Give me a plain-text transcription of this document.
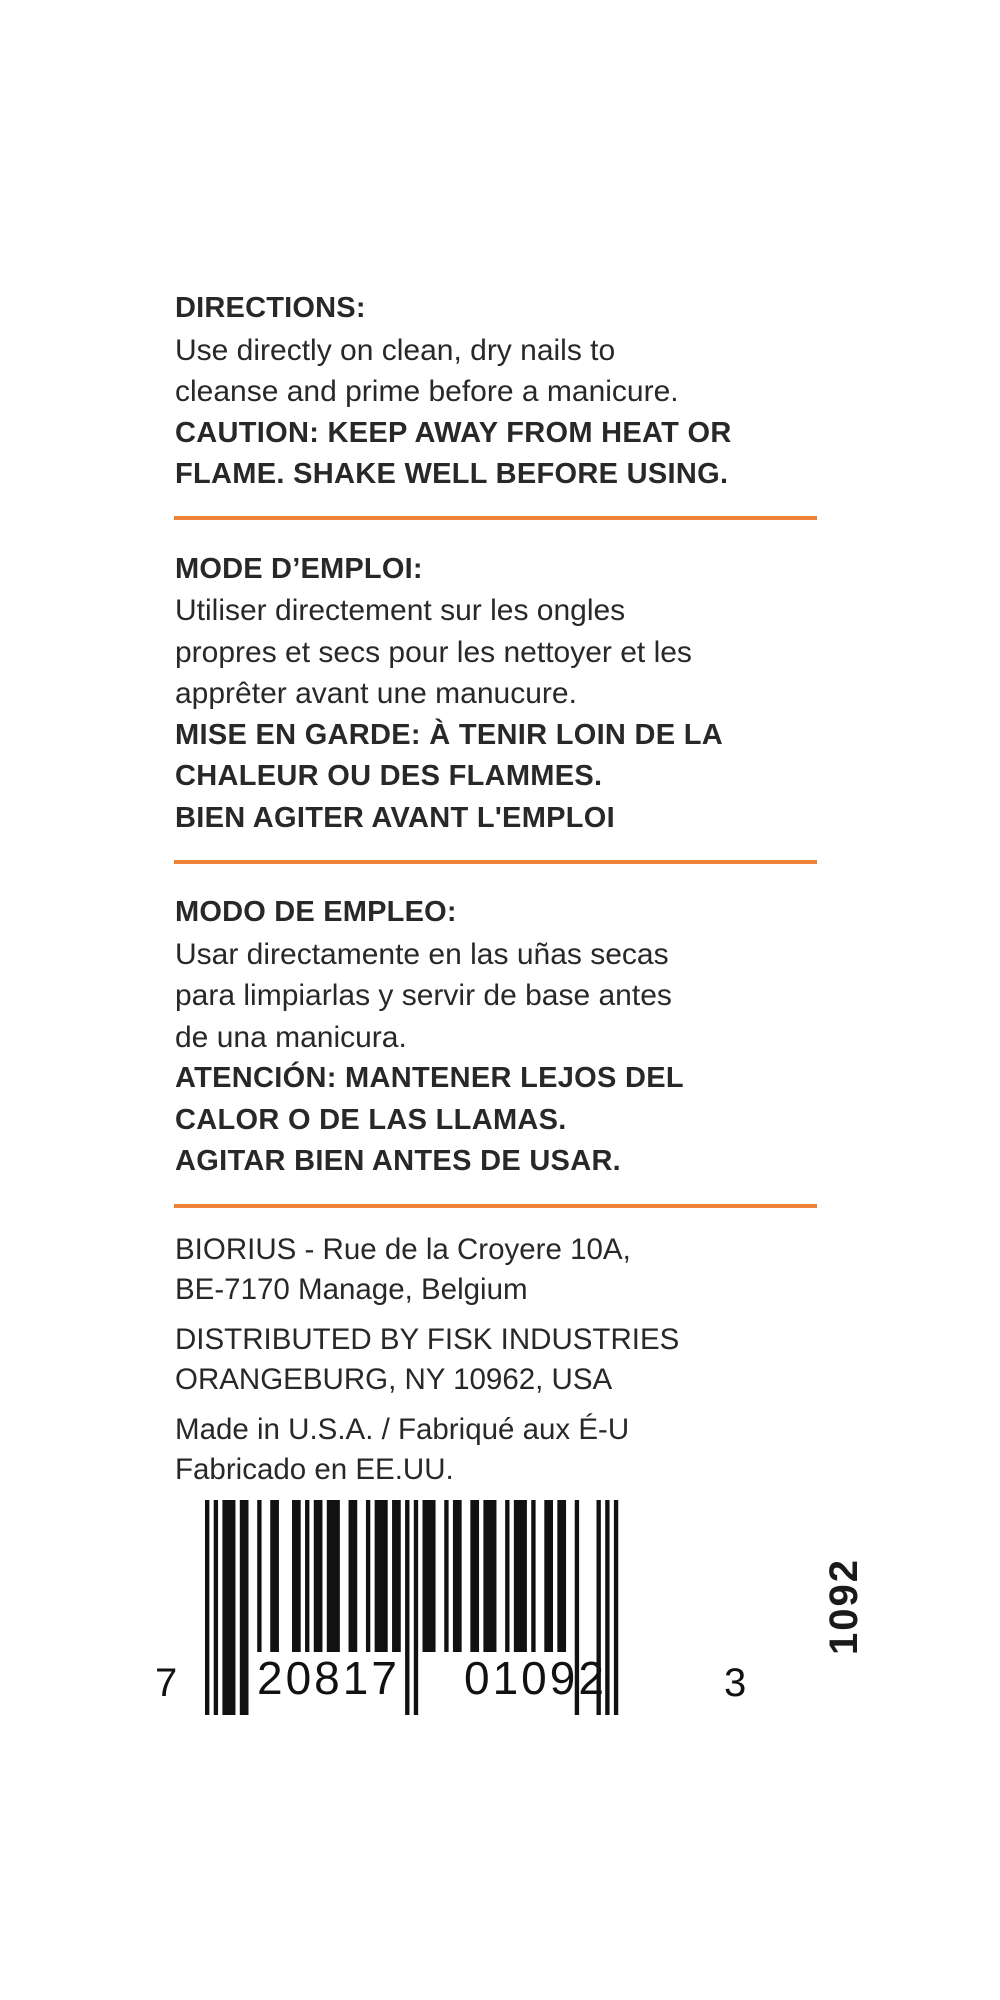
DIRECTIONS:
Use directly on clean, dry nails to
cleanse and prime before a manicure.
CAUTION: KEEP AWAY FROM HEAT OR
FLAME. SHAKE WELL BEFORE USING.
MODE D’EMPLOI:
Utiliser directement sur les ongles
propres et secs pour les nettoyer et les
apprêter avant une manucure.
MISE EN GARDE: À TENIR LOIN DE LA
CHALEUR OU DES FLAMMES.
BIEN AGITER AVANT L'EMPLOI
MODO DE EMPLEO:
Usar directamente en las uñas secas
para limpiarlas y servir de base antes
de una manicura.
ATENCIÓN: MANTENER LEJOS DEL
CALOR O DE LAS LLAMAS.
AGITAR BIEN ANTES DE USAR.
BIORIUS - Rue de la Croyere 10A,
BE-7170 Manage, Belgium
DISTRIBUTED BY FISK INDUSTRIES
ORANGEBURG, NY 10962, USA
Made in U.S.A. / Fabriqué aux É-U
Fabricado en EE.UU.
7 20817 01092	3
1092
